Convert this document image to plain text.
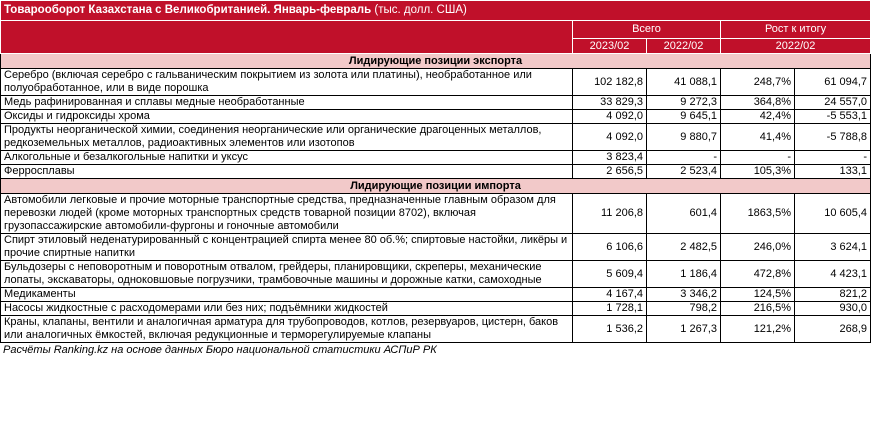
Товарооборот Казахстана с Великобританией. Январь-февраль (тыс. долл. США)				
	Всего		Рост к итогу	
	2023/02	2022/02	2022/02	
Лидирующие позиции экспорта				
Серебро (включая серебро с гальваническим покрытием из золота или платины), необработанное или полуобработанное, или в виде порошка	102 182,8	41 088,1	248,7%	61 094,7
Медь рафинированная и сплавы медные необработанные	33 829,3	9 272,3	364,8%	24 557,0
Оксиды и гидроксиды хрома	4 092,0	9 645,1	42,4%	-5 553,1
Продукты неорганической химии, соединения неорганические или органические драгоценных металлов, редкоземельных металлов, радиоактивных элементов или изотопов	4 092,0	9 880,7	41,4%	-5 788,8
Алкогольные и безалкогольные напитки и уксус	3 823,4	-	-	-
Ферросплавы	2 656,5	2 523,4	105,3%	133,1
Лидирующие позиции импорта				
Автомобили легковые и прочие моторные транспортные средства, предназначенные главным образом для перевозки людей (кроме моторных транспортных средств товарной позиции 8702), включая грузопассажирские автомобили-фургоны и гоночные автомобили	11 206,8	601,4	1863,5%	10 605,4
Спирт этиловый неденатурированный с концентрацией спирта менее 80 об.%; спиртовые настойки, ликёры и прочие спиртные напитки	6 106,6	2 482,5	246,0%	3 624,1
Бульдозеры с неповоротным и поворотным отвалом, грейдеры, планировщики, скреперы, механические лопаты, экскаваторы, одноковшовые погрузчики, трамбовочные машины и дорожные катки, самоходные	5 609,4	1 186,4	472,8%	4 423,1
Медикаменты	4 167,4	3 346,2	124,5%	821,2
Насосы жидкостные с расходомерами или без них; подъёмники жидкостей	1 728,1	798,2	216,5%	930,0
Краны, клапаны, вентили и аналогичная арматура для трубопроводов, котлов, резервуаров, цистерн, баков или аналогичных ёмкостей, включая редукционные и терморегулируемые клапаны	1 536,2	1 267,3	121,2%	268,9
Расчёты Ranking.kz на основе данных Бюро национальной статистики АСПиР РК
